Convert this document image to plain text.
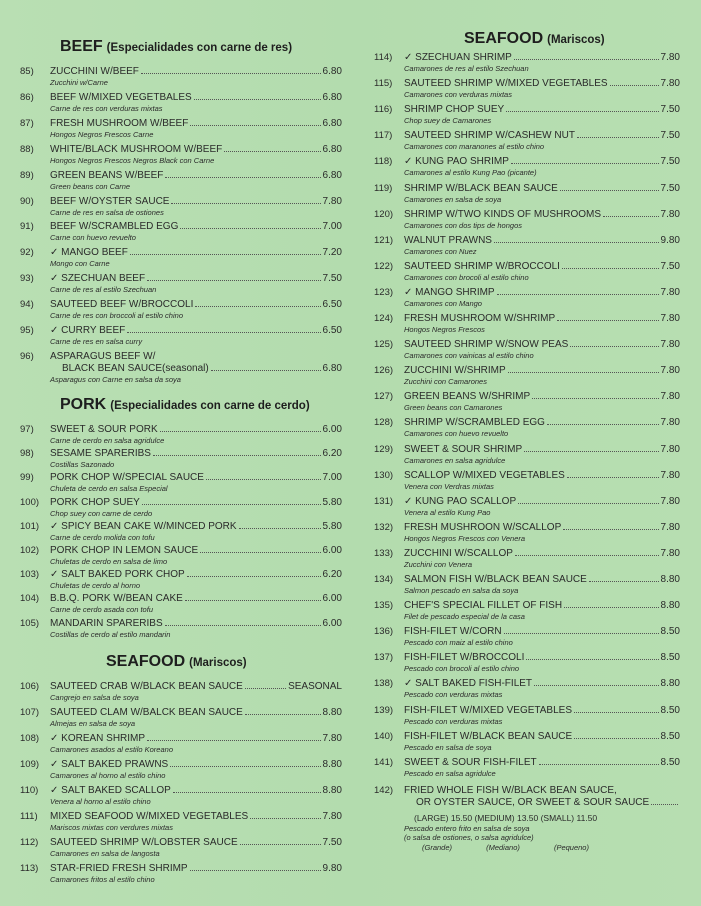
BEEF (Especialidades con carne de res)
85)	ZUCCHINI W/BEEF	6.80
Zucchini w/Carne
86)	BEEF W/MIXED VEGETBALES	6.80
Carne de res con verduras mixtas
87)	FRESH MUSHROOM W/BEEF	6.80
Hongos Negros Frescos Carne
88)	WHITE/BLACK MUSHROOM W/BEEF	6.80
Hongos Negros Frescos Negros Black con Carne
89)	GREEN BEANS W/BEEF	6.80
Green beans con Carne
90)	BEEF W/OYSTER SAUCE	7.80
Carne de res en salsa de ostiones
91)	BEEF W/SCRAMBLED EGG	7.00
Carne con huevo revuelto
92)	✓ MANGO BEEF	7.20
Mongo con Carne
93)	✓ SZECHUAN BEEF	7.50
Carne de res al estilo Szechuan
94)	SAUTEED BEEF W/BROCCOLI	6.50
Carne de res con broccoli al estilo chino
95)	✓ CURRY BEEF	6.50
Carne de res en salsa curry
96)	ASPARAGUS BEEF W/
BLACK BEAN SAUCE(seasonal)	6.80
Asparagus con Carne en salsa da soya
PORK (Especialidades con carne de cerdo)
97)	SWEET & SOUR PORK	6.00
Carne de cerdo en salsa agridulce
98)	SESAME SPARERIBS	6.20
Costillas Sazonado
99)	PORK CHOP W/SPECIAL SAUCE	7.00
Chuleta de cerdo en salsa Especial
100)	PORK CHOP SUEY	5.80
Chop suey con carne de cerdo
101)	✓ SPICY BEAN CAKE W/MINCED PORK	5.80
Carne de cerdo molida con tofu
102)	PORK CHOP IN LEMON SAUCE	6.00
Chuletas de cerdo en salsa de limo
103)	✓ SALT BAKED PORK CHOP	6.20
Chuletas de cerdo al horno
104)	B.B.Q. PORK W/BEAN CAKE	6.00
Carne de cerdo asada con tofu
105)	MANDARIN SPARERIBS	6.00
Costillas de cerdo al estilo mandarin
SEAFOOD (Mariscos)
106)	SAUTEED CRAB W/BLACK BEAN SAUCE	SEASONAL
Cangrejo en salsa de soya
107)	SAUTEED CLAM W/BALCK BEAN SAUCE	8.80
Almejas en salsa de soya
108)	✓ KOREAN SHRIMP	7.80
Camarones asados al estilo Koreano
109)	✓ SALT BAKED PRAWNS	8.80
Camarones al horno al estilo chino
110)	✓ SALT BAKED SCALLOP	8.80
Venera al horno al estilo chino
111)	MIXED SEAFOOD W/MIXED VEGETABLES	7.80
Mariscos mixtas con verdures mixtas
112)	SAUTEED SHRIMP W/LOBSTER SAUCE	7.50
Camarones en salsa de langosta
113)	STAR-FRIED FRESH SHRIMP	9.80
Camarones fritos al estilo chino
SEAFOOD (Mariscos)
114)	✓ SZECHUAN SHRIMP	7.80
Camarones de res al estilo Szechuan
115)	SAUTEED SHRIMP W/MIXED VEGETABLES	7.80
Camarones con verduras mixtas
116)	SHRIMP CHOP SUEY	7.50
Chop suey de Camarones
117)	SAUTEED SHRIMP W/CASHEW NUT	7.50
Camarones con maranones al estilo chino
118)	✓ KUNG PAO SHRIMP	7.50
Camarones al estilo Kung Pao (picante)
119)	SHRIMP W/BLACK BEAN SAUCE	7.50
Camarones en salsa de soya
120)	SHRIMP W/TWO KINDS OF MUSHROOMS	7.80
Camarones con dos tips de hongos
121)	WALNUT PRAWNS	9.80
Camarones con Nuez
122)	SAUTEED SHRIMP W/BROCCOLI	7.50
Camarones con brocoli al estilo chino
123)	✓ MANGO SHRIMP	7.80
Camarones con Mango
124)	FRESH MUSHROOM W/SHRIMP	7.80
Hongos Negros Frescos
125)	SAUTEED SHRIMP W/SNOW PEAS	7.80
Camarones con vainicas al estilo chino
126)	ZUCCHINI W/SHRIMP	7.80
Zucchini con Camarones
127)	GREEN BEANS W/SHRIMP	7.80
Green beans con Camarones
128)	SHRIMP W/SCRAMBLED EGG	7.80
Camarones con huevo revuelto
129)	SWEET & SOUR SHRIMP	7.80
Camarones en salsa agridulce
130)	SCALLOP W/MIXED VEGETABLES	7.80
Venera con Verdras mixtas
131)	✓ KUNG PAO SCALLOP	7.80
Venera al estilo Kung Pao
132)	FRESH MUSHROON W/SCALLOP	7.80
Hongos Negros Frescos con Venera
133)	ZUCCHINI W/SCALLOP	7.80
Zucchini con Venera
134)	SALMON FISH W/BLACK BEAN SAUCE	8.80
Salmon pescado en salsa da soya
135)	CHEF'S SPECIAL FILLET OF FISH	8.80
Filet de pescado especial de la casa
136)	FISH-FILET W/CORN	8.50
Pescado con maiz al estilo chino
137)	FISH-FILET W/BROCCOLI	8.50
Pescado con brocoli al estilo chino
138)	✓ SALT BAKED FISH-FILET	8.80
Pescado con verduras mixtas
139)	FISH-FILET W/MIXED VEGETABLES	8.50
Pescado con verduras mixtas
140)	FISH-FILET W/BLACK BEAN SAUCE	8.50
Pescado en salsa de soya
141)	SWEET & SOUR FISH-FILET	8.50
Pescado en salsa agridulce
142)	FRIED WHOLE FISH W/BLACK BEAN SAUCE,
OR OYSTER SAUCE, OR SWEET & SOUR SAUCE
(LARGE) 15.50 (MEDIUM) 13.50 (SMALL) 11.50
Pescado entero frito en salsa de soya
(o salsa de ostiones, o salsa agridulce)
(Grande) (Mediano) (Pequeno)
